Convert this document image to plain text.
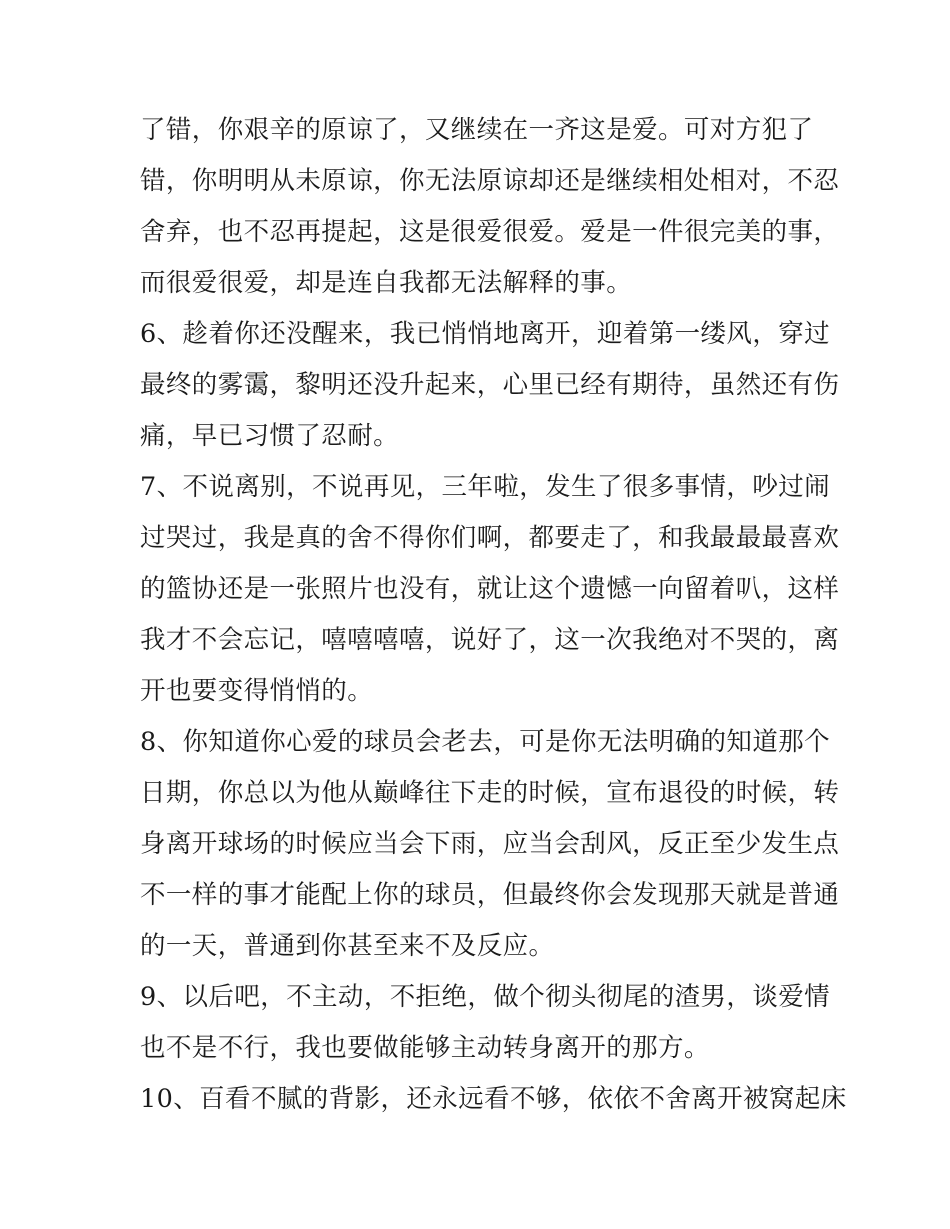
了错，你艰辛的原谅了，又继续在一齐这是爱。可对方犯了
错，你明明从未原谅，你无法原谅却还是继续相处相对，不忍
舍弃，也不忍再提起，这是很爱很爱。爱是一件很完美的事，
而很爱很爱，却是连自我都无法解释的事。
6、趁着你还没醒来，我已悄悄地离开，迎着第一缕风，穿过
最终的雾霭，黎明还没升起来，心里已经有期待，虽然还有伤
痛，早已习惯了忍耐。
7、不说离别，不说再见，三年啦，发生了很多事情，吵过闹
过哭过，我是真的舍不得你们啊，都要走了，和我最最最喜欢
的篮协还是一张照片也没有，就让这个遗憾一向留着叭，这样
我才不会忘记，嘻嘻嘻嘻，说好了，这一次我绝对不哭的，离
开也要变得悄悄的。
8、你知道你心爱的球员会老去，可是你无法明确的知道那个
日期，你总以为他从巅峰往下走的时候，宣布退役的时候，转
身离开球场的时候应当会下雨，应当会刮风，反正至少发生点
不一样的事才能配上你的球员，但最终你会发现那天就是普通
的一天，普通到你甚至来不及反应。
9、以后吧，不主动，不拒绝，做个彻头彻尾的渣男，谈爱情
也不是不行，我也要做能够主动转身离开的那方。
10、百看不腻的背影，还永远看不够，依依不舍离开被窝起床
